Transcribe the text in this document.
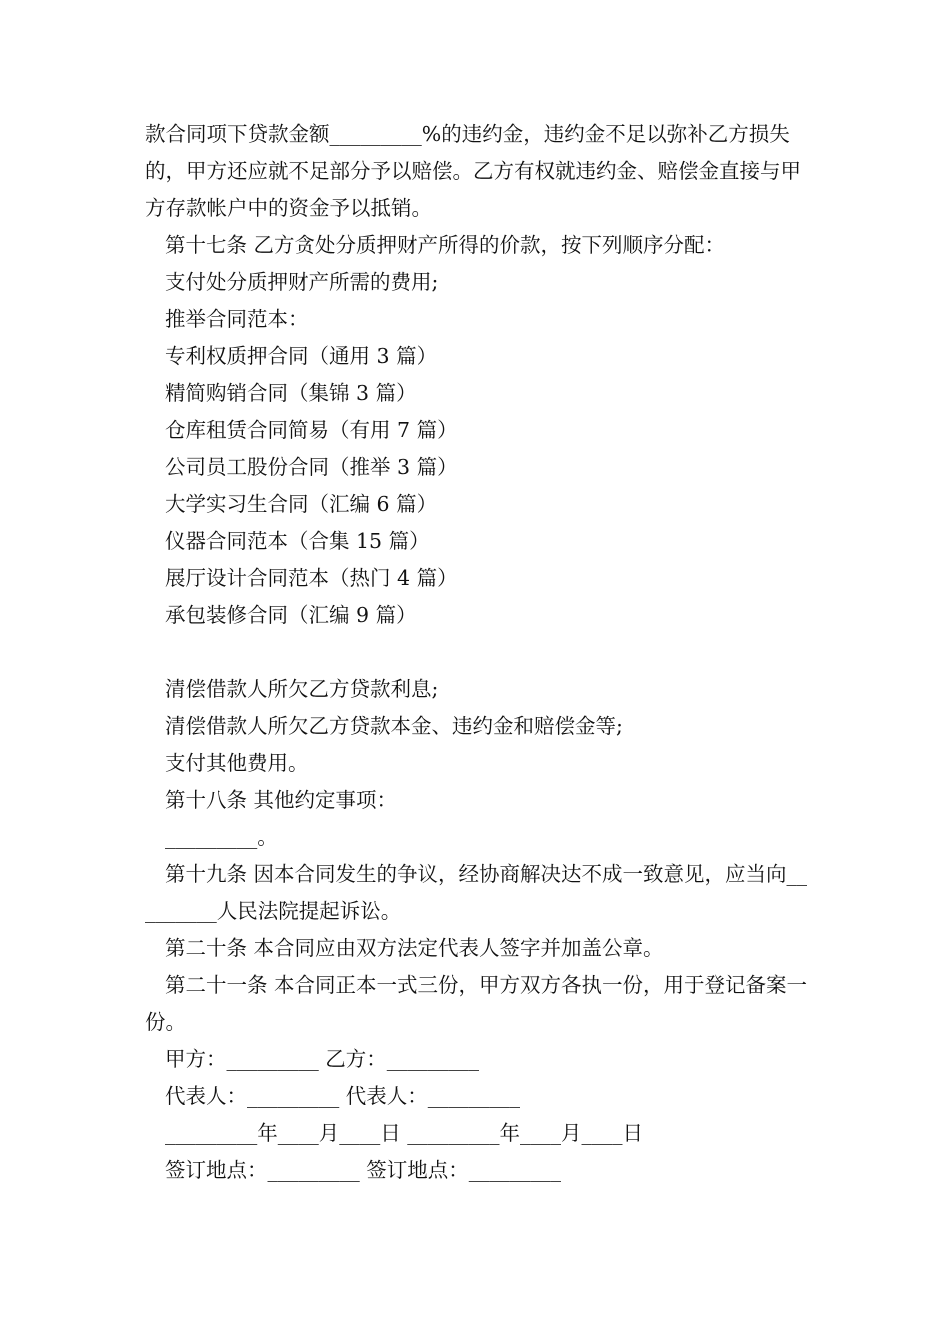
款合同项下贷款金额_________%的违约金，违约金不足以弥补乙方损失的，甲方还应就不足部分予以赔偿。乙方有权就违约金、赔偿金直接与甲方存款帐户中的资金予以抵销。

第十七条 乙方贪处分质押财产所得的价款，按下列顺序分配：

支付处分质押财产所需的费用;

推举合同范本：

专利权质押合同（通用 3 篇）

精简购销合同（集锦 3 篇）

仓库租赁合同简易（有用 7 篇）

公司员工股份合同（推举 3 篇）

大学实习生合同（汇编 6 篇）

仪器合同范本（合集 15 篇）

展厅设计合同范本（热门 4 篇）

承包装修合同（汇编 9 篇）

清偿借款人所欠乙方贷款利息;

清偿借款人所欠乙方贷款本金、违约金和赔偿金等;

支付其他费用。

第十八条 其他约定事项：

_________。

第十九条 因本合同发生的争议，经协商解决达不成一致意见，应当向_________人民法院提起诉讼。

第二十条 本合同应由双方法定代表人签字并加盖公章。

第二十一条 本合同正本一式三份，甲方双方各执一份，用于登记备案一份。

甲方：_________ 乙方：_________

代表人：_________ 代表人：_________

_________年____月____日 _________年____月____日

签订地点：_________ 签订地点：_________
